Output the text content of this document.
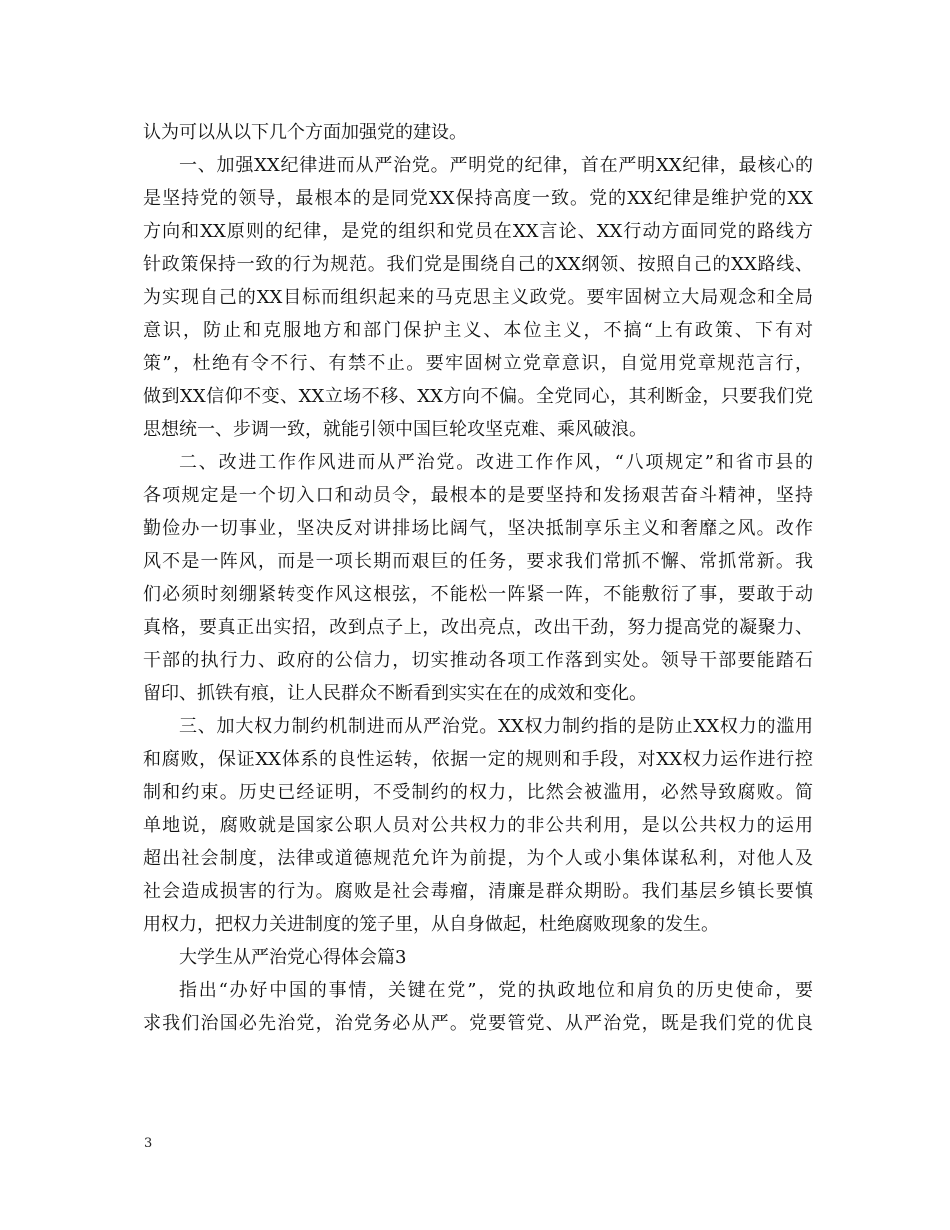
认为可以从以下几个方面加强党的建设。
一、加强XX纪律进而从严治党。严明党的纪律，首在严明XX纪律，最核心的
是坚持党的领导，最根本的是同党XX保持高度一致。党的XX纪律是维护党的XX
方向和XX原则的纪律，是党的组织和党员在XX言论、XX行动方面同党的路线方
针政策保持一致的行为规范。我们党是围绕自己的XX纲领、按照自己的XX路线、
为实现自己的XX目标而组织起来的马克思主义政党。要牢固树立大局观念和全局
意识，防止和克服地方和部门保护主义、本位主义，不搞“上有政策、下有对
策”，杜绝有令不行、有禁不止。要牢固树立党章意识，自觉用党章规范言行，
做到XX信仰不变、XX立场不移、XX方向不偏。全党同心，其利断金，只要我们党
思想统一、步调一致，就能引领中国巨轮攻坚克难、乘风破浪。
二、改进工作作风进而从严治党。改进工作作风，“八项规定”和省市县的
各项规定是一个切入口和动员令，最根本的是要坚持和发扬艰苦奋斗精神，坚持
勤俭办一切事业，坚决反对讲排场比阔气，坚决抵制享乐主义和奢靡之风。改作
风不是一阵风，而是一项长期而艰巨的任务，要求我们常抓不懈、常抓常新。我
们必须时刻绷紧转变作风这根弦，不能松一阵紧一阵，不能敷衍了事，要敢于动
真格，要真正出实招，改到点子上，改出亮点，改出干劲，努力提高党的凝聚力、
干部的执行力、政府的公信力，切实推动各项工作落到实处。领导干部要能踏石
留印、抓铁有痕，让人民群众不断看到实实在在的成效和变化。
三、加大权力制约机制进而从严治党。XX权力制约指的是防止XX权力的滥用
和腐败，保证XX体系的良性运转，依据一定的规则和手段，对XX权力运作进行控
制和约束。历史已经证明，不受制约的权力，比然会被滥用，必然导致腐败。简
单地说，腐败就是国家公职人员对公共权力的非公共利用，是以公共权力的运用
超出社会制度，法律或道德规范允许为前提，为个人或小集体谋私利，对他人及
社会造成损害的行为。腐败是社会毒瘤，清廉是群众期盼。我们基层乡镇长要慎
用权力，把权力关进制度的笼子里，从自身做起，杜绝腐败现象的发生。
大学生从严治党心得体会篇3
指出“办好中国的事情，关键在党”，党的执政地位和肩负的历史使命，要
求我们治国必先治党，治党务必从严。党要管党、从严治党，既是我们党的优良
3
